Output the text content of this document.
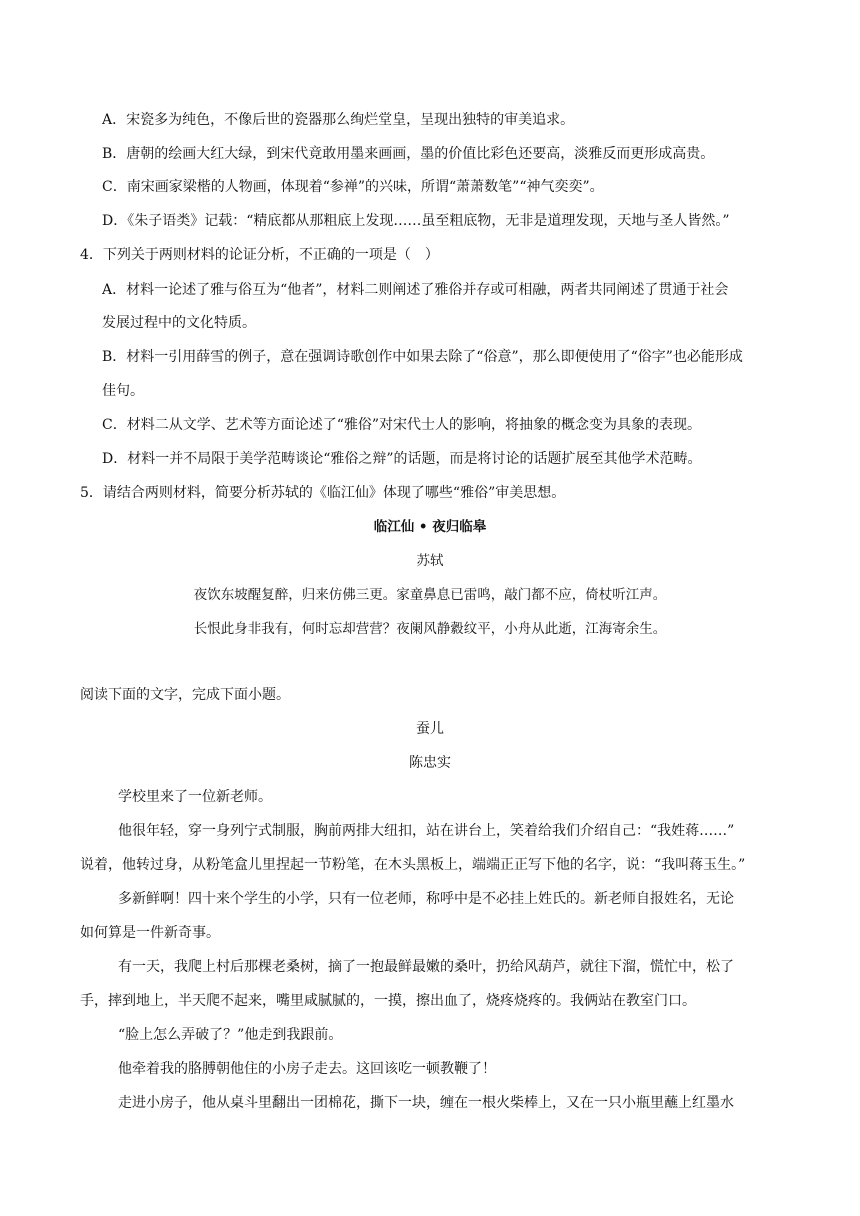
A．宋瓷多为纯色，不像后世的瓷器那么绚烂堂皇，呈现出独特的审美追求。
B．唐朝的绘画大红大绿，到宋代竟敢用墨来画画，墨的价值比彩色还要高，淡雅反而更形成高贵。
C．南宋画家梁楷的人物画，体现着“参禅”的兴味，所谓“萧萧数笔”“神气奕奕”。
D．《朱子语类》记载：“精底都从那粗底上发现……虽至粗底物，无非是道理发现，天地与圣人皆然。”
4．下列关于两则材料的论证分析，不正确的一项是（　）
A．材料一论述了雅与俗互为“他者”，材料二则阐述了雅俗并存或可相融，两者共同阐述了贯通于社会
发展过程中的文化特质。
B．材料一引用薛雪的例子，意在强调诗歌创作中如果去除了“俗意”，那么即便使用了“俗字”也必能形成
佳句。
C．材料二从文学、艺术等方面论述了“雅俗”对宋代士人的影响，将抽象的概念变为具象的表现。
D．材料一并不局限于美学范畴谈论“雅俗之辩”的话题，而是将讨论的话题扩展至其他学术范畴。
5．请结合两则材料，简要分析苏轼的《临江仙》体现了哪些“雅俗”审美思想。
临江仙 • 夜归临皋
苏轼
夜饮东坡醒复醉，归来仿佛三更。家童鼻息已雷鸣，敲门都不应，倚杖听江声。
长恨此身非我有，何时忘却营营？夜阑风静縠纹平，小舟从此逝，江海寄余生。
阅读下面的文字，完成下面小题。
蚕儿
陈忠实
学校里来了一位新老师。
他很年轻，穿一身列宁式制服，胸前两排大纽扣，站在讲台上，笑着给我们介绍自己：“我姓蒋……”
说着，他转过身，从粉笔盒儿里捏起一节粉笔，在木头黑板上，端端正正写下他的名字，说：“我叫蒋玉生。”
多新鲜啊！四十来个学生的小学，只有一位老师，称呼中是不必挂上姓氏的。新老师自报姓名，无论
如何算是一件新奇事。
有一天，我爬上村后那棵老桑树，摘了一抱最鲜最嫩的桑叶，扔给风葫芦，就往下溜，慌忙中，松了
手，摔到地上，半天爬不起来，嘴里咸腻腻的，一摸，擦出血了，烧疼烧疼的。我俩站在教室门口。
“脸上怎么弄破了？”他走到我跟前。
他牵着我的胳膊朝他住的小房子走去。这回该吃一顿教鞭了！
走进小房子，他从桌斗里翻出一团棉花，撕下一块，缠在一根火柴棒上，又在一只小瓶里蘸上红墨水
